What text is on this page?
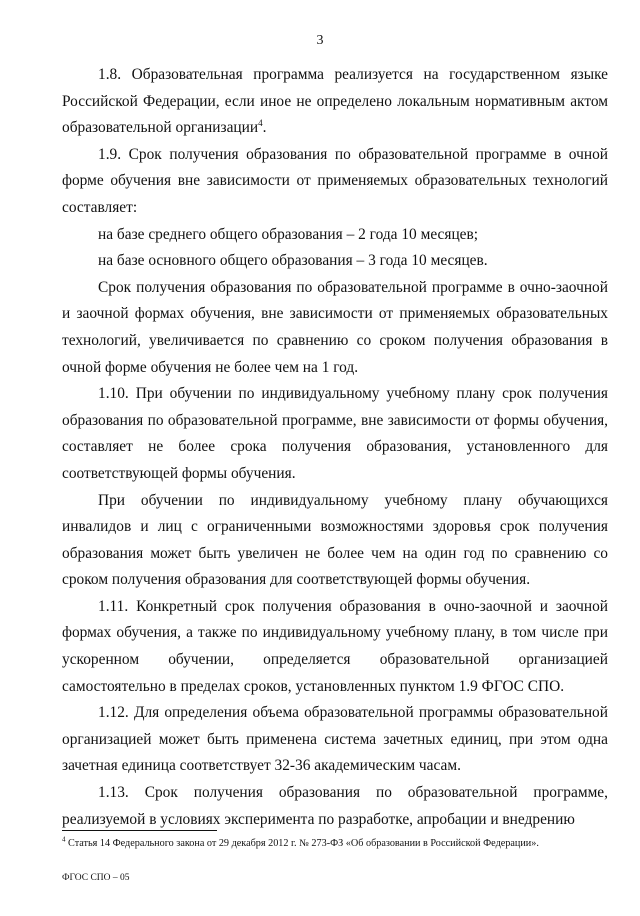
3

1.8. Образовательная программа реализуется на государственном языке Российской Федерации, если иное не определено локальным нормативным актом образовательной организации$^4$.

1.9. Срок получения образования по образовательной программе в очной форме обучения вне зависимости от применяемых образовательных технологий составляет:

на базе среднего общего образования – 2 года 10 месяцев;

на базе основного общего образования – 3 года 10 месяцев.

Срок получения образования по образовательной программе в очно-заочной и заочной формах обучения, вне зависимости от применяемых образовательных технологий, увеличивается по сравнению со сроком получения образования в очной форме обучения не более чем на 1 год.

1.10. При обучении по индивидуальному учебному плану срок получения образования по образовательной программе, вне зависимости от формы обучения, составляет не более срока получения образования, установленного для соответствующей формы обучения.

При обучении по индивидуальному учебному плану обучающихся инвалидов и лиц с ограниченными возможностями здоровья срок получения образования может быть увеличен не более чем на один год по сравнению со сроком получения образования для соответствующей формы обучения.

1.11. Конкретный срок получения образования в очно-заочной и заочной формах обучения, а также по индивидуальному учебному плану, в том числе при ускоренном обучении, определяется образовательной организацией самостоятельно в пределах сроков, установленных пунктом 1.9 ФГОС СПО.

1.12. Для определения объема образовательной программы образовательной организацией может быть применена система зачетных единиц, при этом одна зачетная единица соответствует 32-36 академическим часам.

1.13. Срок получения образования по образовательной программе, реализуемой в условиях эксперимента по разработке, апробации и внедрению

$^4$ Статья 14 Федерального закона от 29 декабря 2012 г. № 273-ФЗ «Об образовании в Российской Федерации».
ФГОС СПО – 05
